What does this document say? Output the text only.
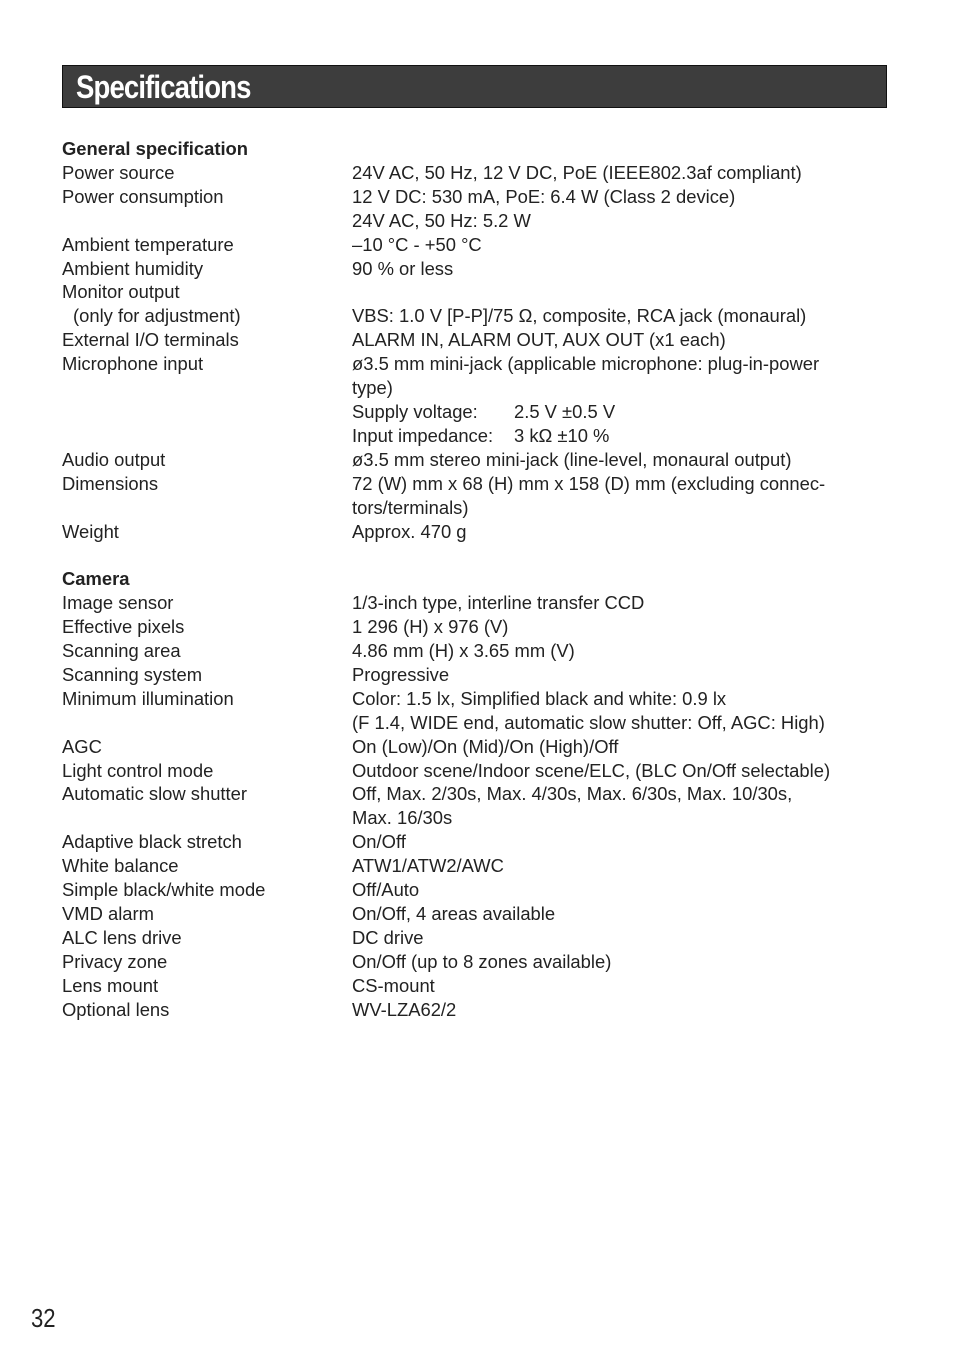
Specifications
General specification
Power source	24V AC, 50 Hz, 12 V DC, PoE (IEEE802.3af compliant)
Power consumption	12 V DC: 530 mA, PoE: 6.4 W (Class 2 device)
24V AC, 50 Hz: 5.2 W
Ambient temperature	–10 °C - +50 °C
Ambient humidity	90 % or less
Monitor output
(only for adjustment)	VBS: 1.0 V [P-P]/75 Ω, composite, RCA jack (monaural)
External I/O terminals	ALARM IN, ALARM OUT, AUX OUT (x1 each)
Microphone input	ø3.5 mm mini-jack (applicable microphone: plug-in-power
type)
Supply voltage: 2.5 V ±0.5 V
Input impedance: 3 kΩ ±10 %
Audio output	ø3.5 mm stereo mini-jack (line-level, monaural output)
Dimensions	72 (W) mm x 68 (H) mm x 158 (D) mm (excluding connec-
tors/terminals)
Weight	Approx. 470 g
Camera
Image sensor	1/3-inch type, interline transfer CCD
Effective pixels	1 296 (H) x 976 (V)
Scanning area	4.86 mm (H) x 3.65 mm (V)
Scanning system	Progressive
Minimum illumination	Color: 1.5 lx, Simplified black and white: 0.9 lx
(F 1.4, WIDE end, automatic slow shutter: Off, AGC: High)
AGC	On (Low)/On (Mid)/On (High)/Off
Light control mode	Outdoor scene/Indoor scene/ELC, (BLC On/Off selectable)
Automatic slow shutter	Off, Max. 2/30s, Max. 4/30s, Max. 6/30s, Max. 10/30s,
Max. 16/30s
Adaptive black stretch	On/Off
White balance	ATW1/ATW2/AWC
Simple black/white mode	Off/Auto
VMD alarm	On/Off, 4 areas available
ALC lens drive	DC drive
Privacy zone	On/Off (up to 8 zones available)
Lens mount	CS-mount
Optional lens	WV-LZA62/2
32
